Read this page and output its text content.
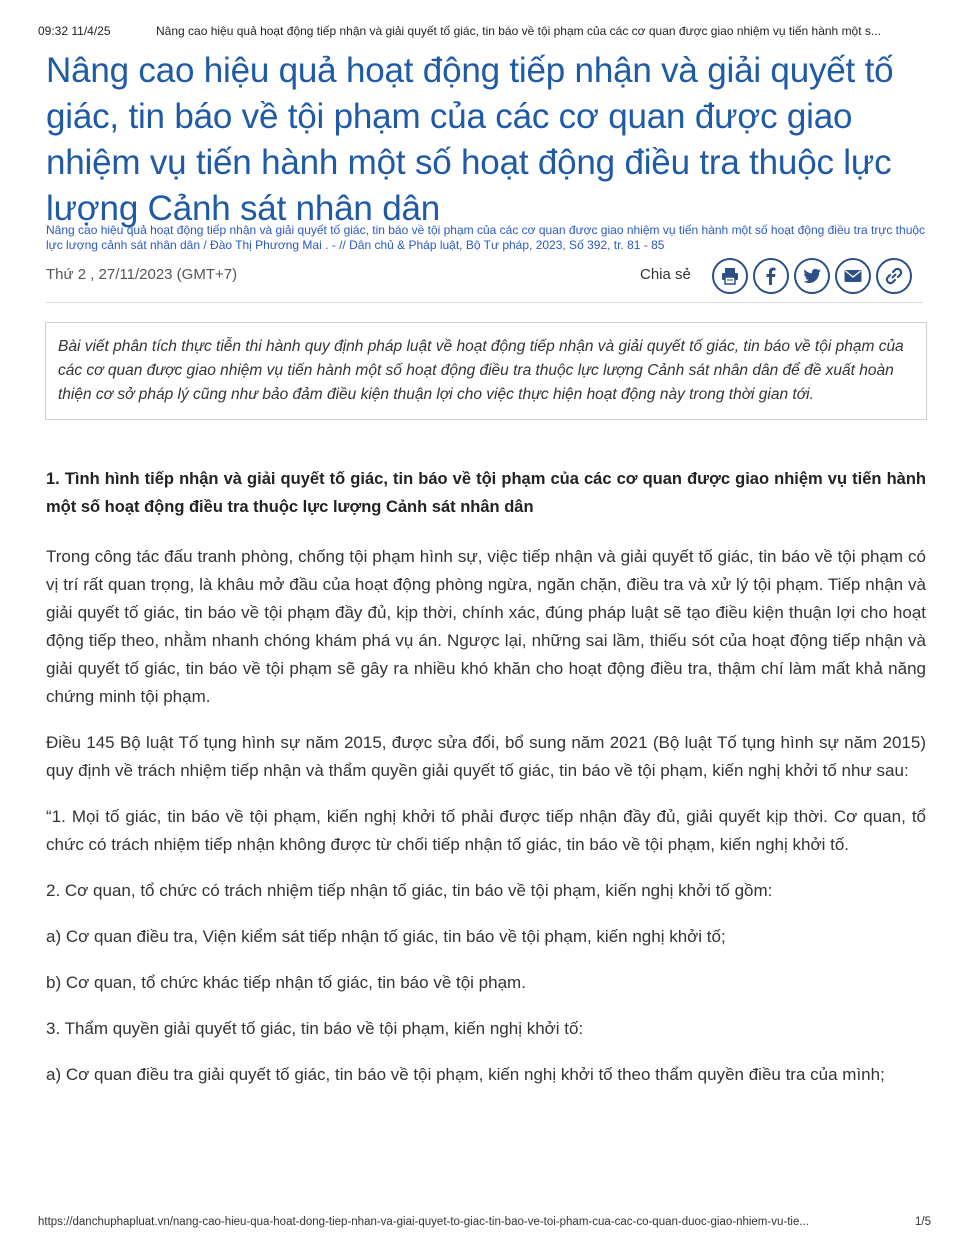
09:32 11/4/25	Nâng cao hiệu quả hoạt động tiếp nhận và giải quyết tố giác, tin báo về tội phạm của các cơ quan được giao nhiệm vụ tiến hành một s...
Nâng cao hiệu quả hoạt động tiếp nhận và giải quyết tố giác, tin báo về tội phạm của các cơ quan được giao nhiệm vụ tiến hành một số hoạt động điều tra thuộc lực lượng Cảnh sát nhân dân
Nâng cao hiệu quả hoạt động tiếp nhận và giải quyết tố giác, tin báo về tội phạm của các cơ quan được giao nhiệm vụ tiến hành một số hoạt động điều tra trực thuộc lực lượng cảnh sát nhân dân / Đào Thị Phương Mai . - // Dân chủ & Pháp luật, Bộ Tư pháp, 2023, Số 392, tr. 81 - 85
Thứ 2 , 27/11/2023 (GMT+7)	Chia sẻ
Bài viết phân tích thực tiễn thi hành quy định pháp luật về hoạt động tiếp nhận và giải quyết tố giác, tin báo về tội phạm của các cơ quan được giao nhiệm vụ tiến hành một số hoạt động điều tra thuộc lực lượng Cảnh sát nhân dân để đề xuất hoàn thiện cơ sở pháp lý cũng như bảo đảm điều kiện thuận lợi cho việc thực hiện hoạt động này trong thời gian tới.

1. Tình hình tiếp nhận và giải quyết tố giác, tin báo về tội phạm của các cơ quan được giao nhiệm vụ tiến hành một số hoạt động điều tra thuộc lực lượng Cảnh sát nhân dân

Trong công tác đấu tranh phòng, chống tội phạm hình sự, việc tiếp nhận và giải quyết tố giác, tin báo về tội phạm có vị trí rất quan trọng, là khâu mở đầu của hoạt động phòng ngừa, ngăn chặn, điều tra và xử lý tội phạm. Tiếp nhận và giải quyết tố giác, tin báo về tội phạm đầy đủ, kịp thời, chính xác, đúng pháp luật sẽ tạo điều kiện thuận lợi cho hoạt động tiếp theo, nhằm nhanh chóng khám phá vụ án. Ngược lại, những sai lầm, thiếu sót của hoạt động tiếp nhận và giải quyết tố giác, tin báo về tội phạm sẽ gây ra nhiều khó khăn cho hoạt động điều tra, thậm chí làm mất khả năng chứng minh tội phạm.

Điều 145 Bộ luật Tố tụng hình sự năm 2015, được sửa đổi, bổ sung năm 2021 (Bộ luật Tố tụng hình sự năm 2015) quy định về trách nhiệm tiếp nhận và thẩm quyền giải quyết tố giác, tin báo về tội phạm, kiến nghị khởi tố như sau:

“1. Mọi tố giác, tin báo về tội phạm, kiến nghị khởi tố phải được tiếp nhận đầy đủ, giải quyết kịp thời. Cơ quan, tổ chức có trách nhiệm tiếp nhận không được từ chối tiếp nhận tố giác, tin báo về tội phạm, kiến nghị khởi tố.

2. Cơ quan, tổ chức có trách nhiệm tiếp nhận tố giác, tin báo về tội phạm, kiến nghị khởi tố gồm:

a) Cơ quan điều tra, Viện kiểm sát tiếp nhận tố giác, tin báo về tội phạm, kiến nghị khởi tố;

b) Cơ quan, tổ chức khác tiếp nhận tố giác, tin báo về tội phạm.

3. Thẩm quyền giải quyết tố giác, tin báo về tội phạm, kiến nghị khởi tố:

a) Cơ quan điều tra giải quyết tố giác, tin báo về tội phạm, kiến nghị khởi tố theo thẩm quyền điều tra của mình;

https://danchuphapluat.vn/nang-cao-hieu-qua-hoat-dong-tiep-nhan-va-giai-quyet-to-giac-tin-bao-ve-toi-pham-cua-cac-co-quan-duoc-giao-nhiem-vu-tie...	1/5
